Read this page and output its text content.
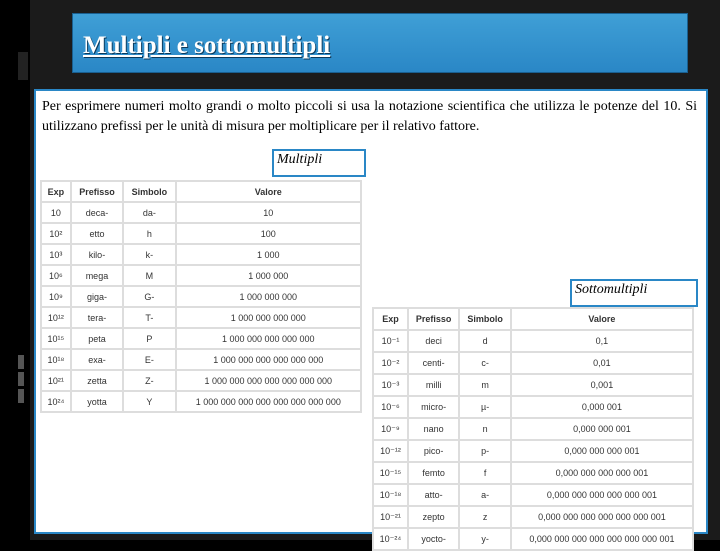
Multipli e sottomultipli
Per esprimere numeri molto grandi o molto piccoli si usa la notazione scientifica che utilizza le potenze del 10. Si utilizzano prefissi per le unità di misura per moltiplicare per il relativo fattore.
Multipli
Exp	Prefisso	Simbolo	Valore
10	deca-	da-	10
10²	etto	h	100
10³	kilo-	k-	1 000
10⁶	mega	M	1 000 000
10⁹	giga-	G-	1 000 000 000
10¹²	tera-	T-	1 000 000 000 000
10¹⁵	peta	P	1 000 000 000 000 000
10¹⁸	exa-	E-	1 000 000 000 000 000 000
10²¹	zetta	Z-	1 000 000 000 000 000 000 000
10²⁴	yotta	Y	1 000 000 000 000 000 000 000 000
Sottomultipli
Exp	Prefisso	Simbolo	Valore
10⁻¹	deci	d	0,1
10⁻²	centi-	c-	0,01
10⁻³	milli	m	0,001
10⁻⁶	micro-	µ-	0,000 001
10⁻⁹	nano	n	0,000 000 001
10⁻¹²	pico-	p-	0,000 000 000 001
10⁻¹⁵	femto	f	0,000 000 000 000 001
10⁻¹⁸	atto-	a-	0,000 000 000 000 000 001
10⁻²¹	zepto	z	0,000 000 000 000 000 000 001
10⁻²⁴	yocto-	y-	0,000 000 000 000 000 000 000 001
